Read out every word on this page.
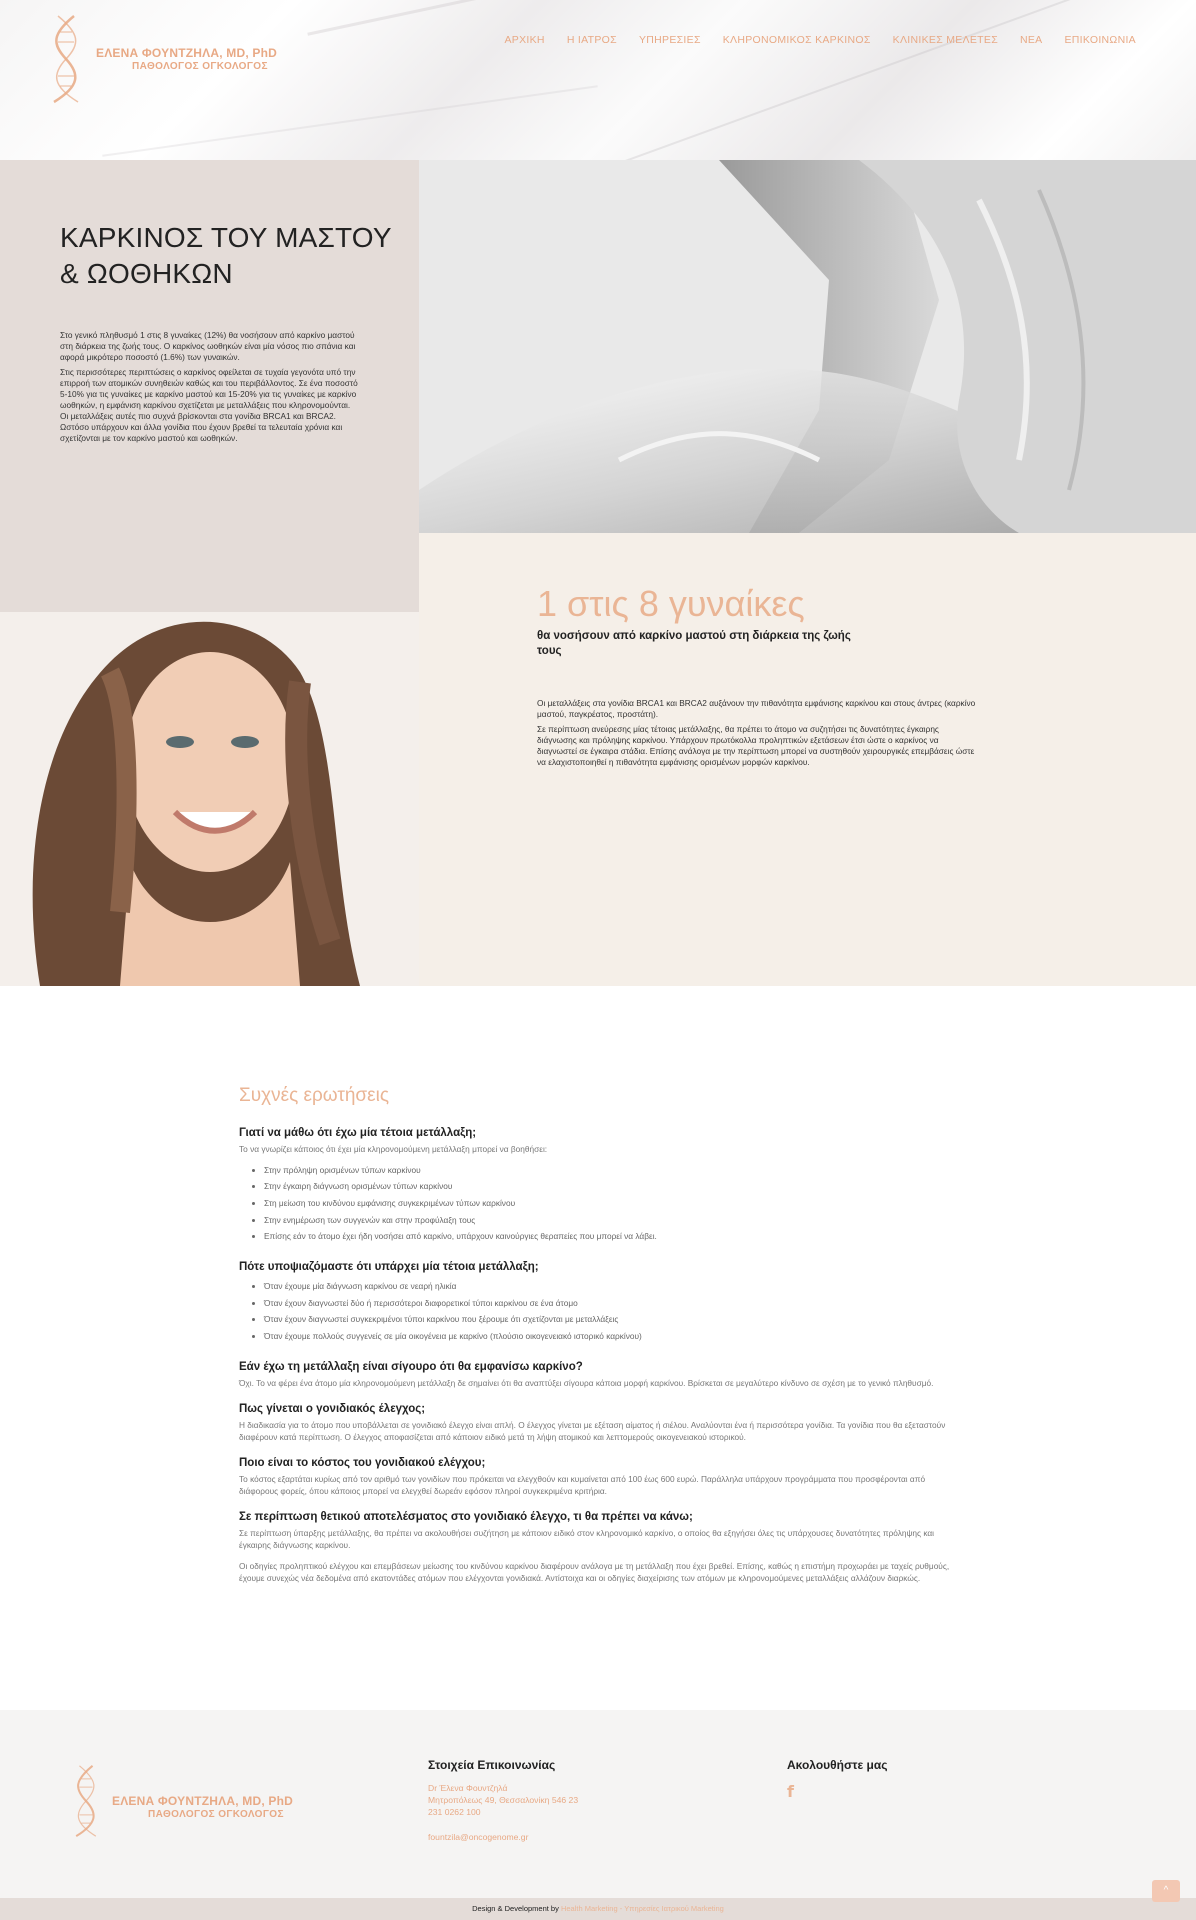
ΕΛΕΝΑ ΦΟΥΝΤΖΗΛΑ, MD, PhD
ΠΑΘΟΛΟΓΟΣ ΟΓΚΟΛΟΓΟΣ
ΑΡΧΙΚΗ Η ΙΑΤΡΟΣ ΥΠΗΡΕΣΙΕΣ ΚΛΗΡΟΝΟΜΙΚΟΣ ΚΑΡΚΙΝΟΣ ΚΛΙΝΙΚΕΣ ΜΕΛΕΤΕΣ ΝΕΑ ΕΠΙΚΟΙΝΩΝΙΑ
ΚΑΡΚΙΝΟΣ ΤΟΥ ΜΑΣΤΟΥ
& ΩΟΘΗΚΩΝ

Στο γενικό πληθυσμό 1 στις 8 γυναίκες (12%) θα νοσήσουν από καρκίνο μαστού στη διάρκεια της ζωής τους. Ο καρκίνος ωοθηκών είναι μία νόσος πιο σπάνια και αφορά μικρότερο ποσοστό (1.6%) των γυναικών.

Στις περισσότερες περιπτώσεις ο καρκίνος οφείλεται σε τυχαία γεγονότα υπό την επιρροή των ατομικών συνηθειών καθώς και του περιβάλλοντος. Σε ένα ποσοστό 5-10% για τις γυναίκες με καρκίνο μαστού και 15-20% για τις γυναίκες με καρκίνο ωοθηκών, η εμφάνιση καρκίνου σχετίζεται με μεταλλάξεις που κληρονομούνται. Οι μεταλλάξεις αυτές πιο συχνά βρίσκονται στα γονίδια BRCA1 και BRCA2. Ωστόσο υπάρχουν και άλλα γονίδια που έχουν βρεθεί τα τελευταία χρόνια και σχετίζονται με τον καρκίνο μαστού και ωοθηκών.

1 στις 8 γυναίκες
θα νοσήσουν από καρκίνο μαστού στη διάρκεια της ζωής τους

Οι μεταλλάξεις στα γονίδια BRCA1 και BRCA2 αυξάνουν την πιθανότητα εμφάνισης καρκίνου και στους άντρες (καρκίνο μαστού, παγκρέατος, προστάτη).

Σε περίπτωση ανεύρεσης μίας τέτοιας μετάλλαξης, θα πρέπει το άτομο να συζητήσει τις δυνατότητες έγκαιρης διάγνωσης και πρόληψης καρκίνου. Υπάρχουν πρωτόκολλα προληπτικών εξετάσεων έτσι ώστε ο καρκίνος να διαγνωστεί σε έγκαιρα στάδια. Επίσης ανάλογα με την περίπτωση μπορεί να συστηθούν χειρουργικές επεμβάσεις ώστε να ελαχιστοποιηθεί η πιθανότητα εμφάνισης ορισμένων μορφών καρκίνου.

Συχνές ερωτήσεις
Γιατί να μάθω ότι έχω μία τέτοια μετάλλαξη;
Το να γνωρίζει κάποιος ότι έχει μία κληρονομούμενη μετάλλαξη μπορεί να βοηθήσει:
• Στην πρόληψη ορισμένων τύπων καρκίνου
• Στην έγκαιρη διάγνωση ορισμένων τύπων καρκίνου
• Στη μείωση του κινδύνου εμφάνισης συγκεκριμένων τύπων καρκίνου
• Στην ενημέρωση των συγγενών και στην προφύλαξη τους
• Επίσης εάν το άτομο έχει ήδη νοσήσει από καρκίνο, υπάρχουν καινούργιες θεραπείες που μπορεί να λάβει.
Πότε υποψιαζόμαστε ότι υπάρχει μία τέτοια μετάλλαξη;
• Όταν έχουμε μία διάγνωση καρκίνου σε νεαρή ηλικία
• Όταν έχουν διαγνωστεί δύο ή περισσότεροι διαφορετικοί τύποι καρκίνου σε ένα άτομο
• Όταν έχουν διαγνωστεί συγκεκριμένοι τύποι καρκίνου που ξέρουμε ότι σχετίζονται με μεταλλάξεις
• Όταν έχουμε πολλούς συγγενείς σε μία οικογένεια με καρκίνο (πλούσιο οικογενειακό ιστορικό καρκίνου)
Εάν έχω τη μετάλλαξη είναι σίγουρο ότι θα εμφανίσω καρκίνο?
Όχι. Το να φέρει ένα άτομο μία κληρονομούμενη μετάλλαξη δε σημαίνει ότι θα αναπτύξει σίγουρα κάποια μορφή καρκίνου. Βρίσκεται σε μεγαλύτερο κίνδυνο σε σχέση με το γενικό πληθυσμό.
Πως γίνεται ο γονιδιακός έλεγχος;
Η διαδικασία για το άτομο που υποβάλλεται σε γονιδιακό έλεγχο είναι απλή. Ο έλεγχος γίνεται με εξέταση αίματος ή σιέλου. Αναλύονται ένα ή περισσότερα γονίδια. Τα γονίδια που θα εξεταστούν διαφέρουν κατά περίπτωση. Ο έλεγχος αποφασίζεται από κάποιον ειδικό μετά τη λήψη ατομικού και λεπτομερούς οικογενειακού ιστορικού.
Ποιο είναι το κόστος του γονιδιακού ελέγχου;
Το κόστος εξαρτάται κυρίως από τον αριθμό των γονιδίων που πρόκειται να ελεγχθούν και κυμαίνεται από 100 έως 600 ευρώ. Παράλληλα υπάρχουν προγράμματα που προσφέρονται από διάφορους φορείς, όπου κάποιος μπορεί να ελεγχθεί δωρεάν εφόσον πληροί συγκεκριμένα κριτήρια.
Σε περίπτωση θετικού αποτελέσματος στο γονιδιακό έλεγχο, τι θα πρέπει να κάνω;
Σε περίπτωση ύπαρξης μετάλλαξης, θα πρέπει να ακολουθήσει συζήτηση με κάποιον ειδικό στον κληρονομικό καρκίνο, ο οποίος θα εξηγήσει όλες τις υπάρχουσες δυνατότητες πρόληψης και έγκαιρης διάγνωσης καρκίνου.
Οι οδηγίες προληπτικού ελέγχου και επεμβάσεων μείωσης του κινδύνου καρκίνου διαφέρουν ανάλογα με τη μετάλλαξη που έχει βρεθεί. Επίσης, καθώς η επιστήμη προχωράει με ταχείς ρυθμούς, έχουμε συνεχώς νέα δεδομένα από εκατοντάδες ατόμων που ελέγχονται γονιδιακά. Αντίστοιχα και οι οδηγίες διαχείρισης των ατόμων με κληρονομούμενες μεταλλάξεις αλλάζουν διαρκώς.
ΕΛΕΝΑ ΦΟΥΝΤΖΗΛΑ, MD, PhD
ΠΑΘΟΛΟΓΟΣ ΟΓΚΟΛΟΓΟΣ
Στοιχεία Επικοινωνίας
Dr Έλενα Φουντζηλά
Μητροπόλεως 49, Θεσσαλονίκη 546 23
231 0262 100
fountzila@oncogenome.gr
Ακολουθήστε μας
f
Design & Development by Health Marketing - Υπηρεσίες Ιατρικού Marketing
^
